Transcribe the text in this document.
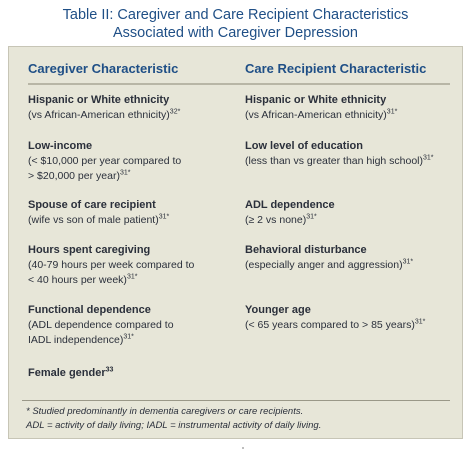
Table II: Caregiver and Care Recipient Characteristics
Associated with Caregiver Depression
Caregiver Characteristic	Care Recipient Characteristic
Hispanic or White ethnicity
(vs African-American ethnicity)$^{32*}$
Low-income
(< $10,000 per year compared to
> $20,000 per year)$^{31*}$
Spouse of care recipient
(wife vs son of male patient)$^{31*}$
Hours spent caregiving
(40-79 hours per week compared to
< 40 hours per week)$^{31*}$
Functional dependence
(ADL dependence compared to
IADL independence)$^{31*}$
Female gender$^{33}$
Hispanic or White ethnicity
(vs African-American ethnicity)$^{31*}$
Low level of education
(less than vs greater than high school)$^{31*}$
ADL dependence
(≥ 2 vs none)$^{31*}$
Behavioral disturbance
(especially anger and aggression)$^{31*}$
Younger age
(< 65 years compared to > 85 years)$^{31*}$
* Studied predominantly in dementia caregivers or care recipients.
ADL = activity of daily living; IADL = instrumental activity of daily living.
